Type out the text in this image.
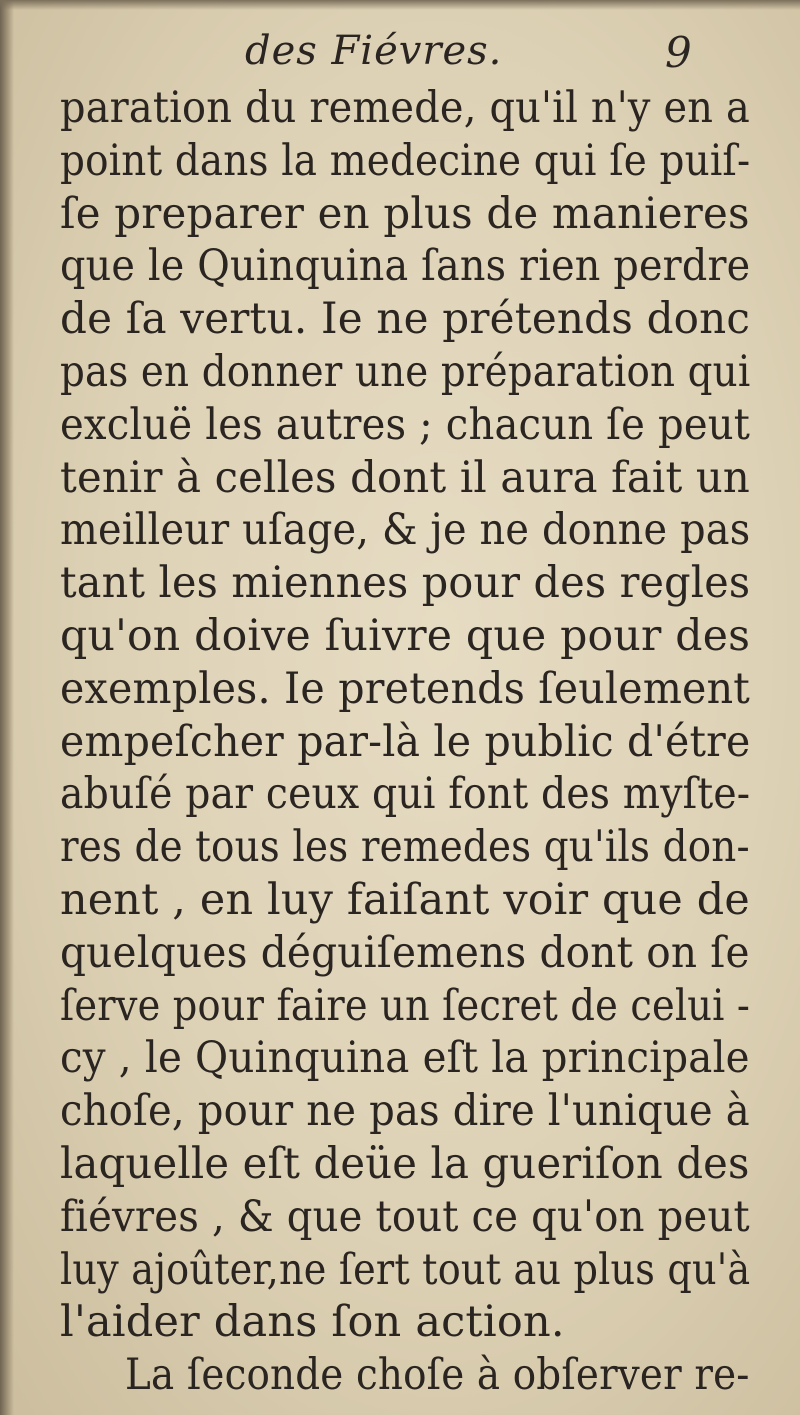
des Fiévres.	9
paration du remede, qu'il n'y en a
point dans la medecine qui ſe puiſ-
ſe preparer en plus de manieres
que le Quinquina ſans rien perdre
de ſa vertu. Ie ne prétends donc
pas en donner une préparation qui
excluë les autres ; chacun ſe peut
tenir à celles dont il aura fait un
meilleur uſage, & je ne donne pas
tant les miennes pour des regles
qu'on doive ſuivre que pour des
exemples. Ie pretends ſeulement
empeſcher par-là le public d'étre
abuſé par ceux qui font des myſte-
res de tous les remedes qu'ils don-
nent , en luy faiſant voir que de
quelques déguiſemens dont on ſe
ſerve pour faire un ſecret de celui -
cy , le Quinquina eſt la principale
choſe, pour ne pas dire l'unique à
laquelle eſt deüe la gueriſon des
fiévres , & que tout ce qu'on peut
luy ajoûter,ne ſert tout au plus qu'à
l'aider dans ſon action.
La ſeconde choſe à obſerver re-
